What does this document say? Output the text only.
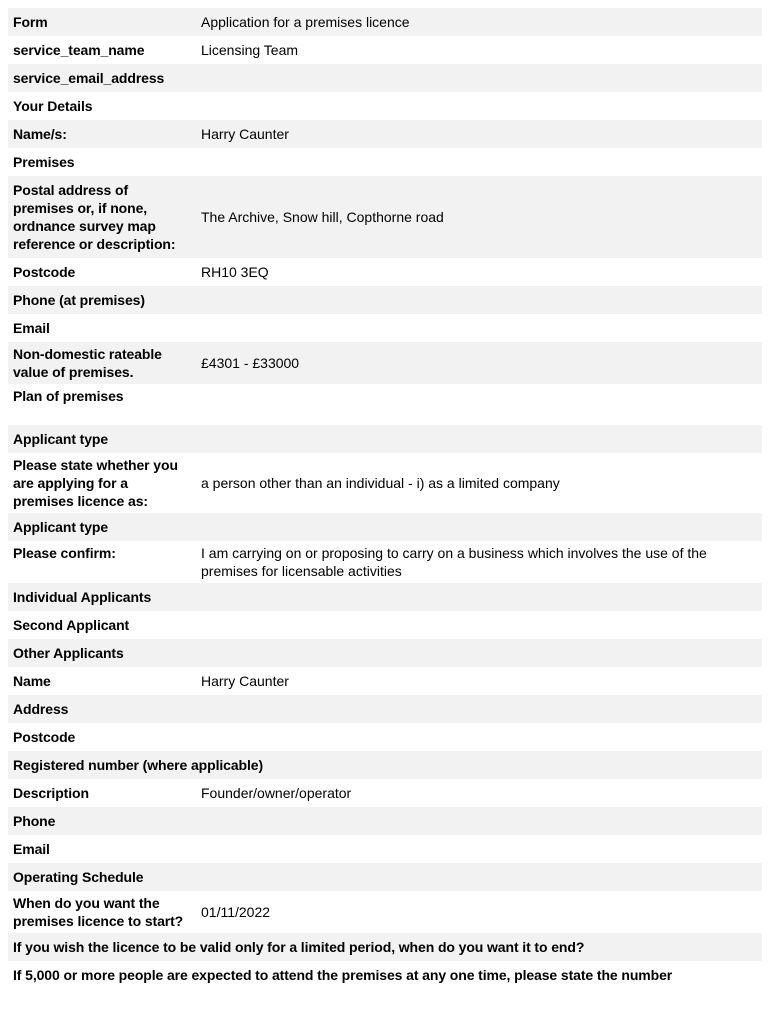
Form	Application for a premises licence
service_team_name	Licensing Team
service_email_address	
Your Details	
Name/s:	Harry Caunter
Premises	
Postal address of premises or, if none, ordnance survey map reference or description:	The Archive, Snow hill, Copthorne road
Postcode	RH10 3EQ
Phone (at premises)	
Email	
Non-domestic rateable value of premises.	£4301 - £33000
Plan of premises	
Applicant type	
Please state whether you are applying for a premises licence as:	a person other than an individual - i) as a limited company
Applicant type	
Please confirm:	I am carrying on or proposing to carry on a business which involves the use of the premises for licensable activities
Individual Applicants	
Second Applicant	
Other Applicants	
Name	Harry Caunter
Address	
Postcode	
Registered number (where applicable)	
Description	Founder/owner/operator
Phone	
Email	
Operating Schedule	
When do you want the premises licence to start?	01/11/2022
If you wish the licence to be valid only for a limited period, when do you want it to end?	
If 5,000 or more people are expected to attend the premises at any one time, please state the number	
